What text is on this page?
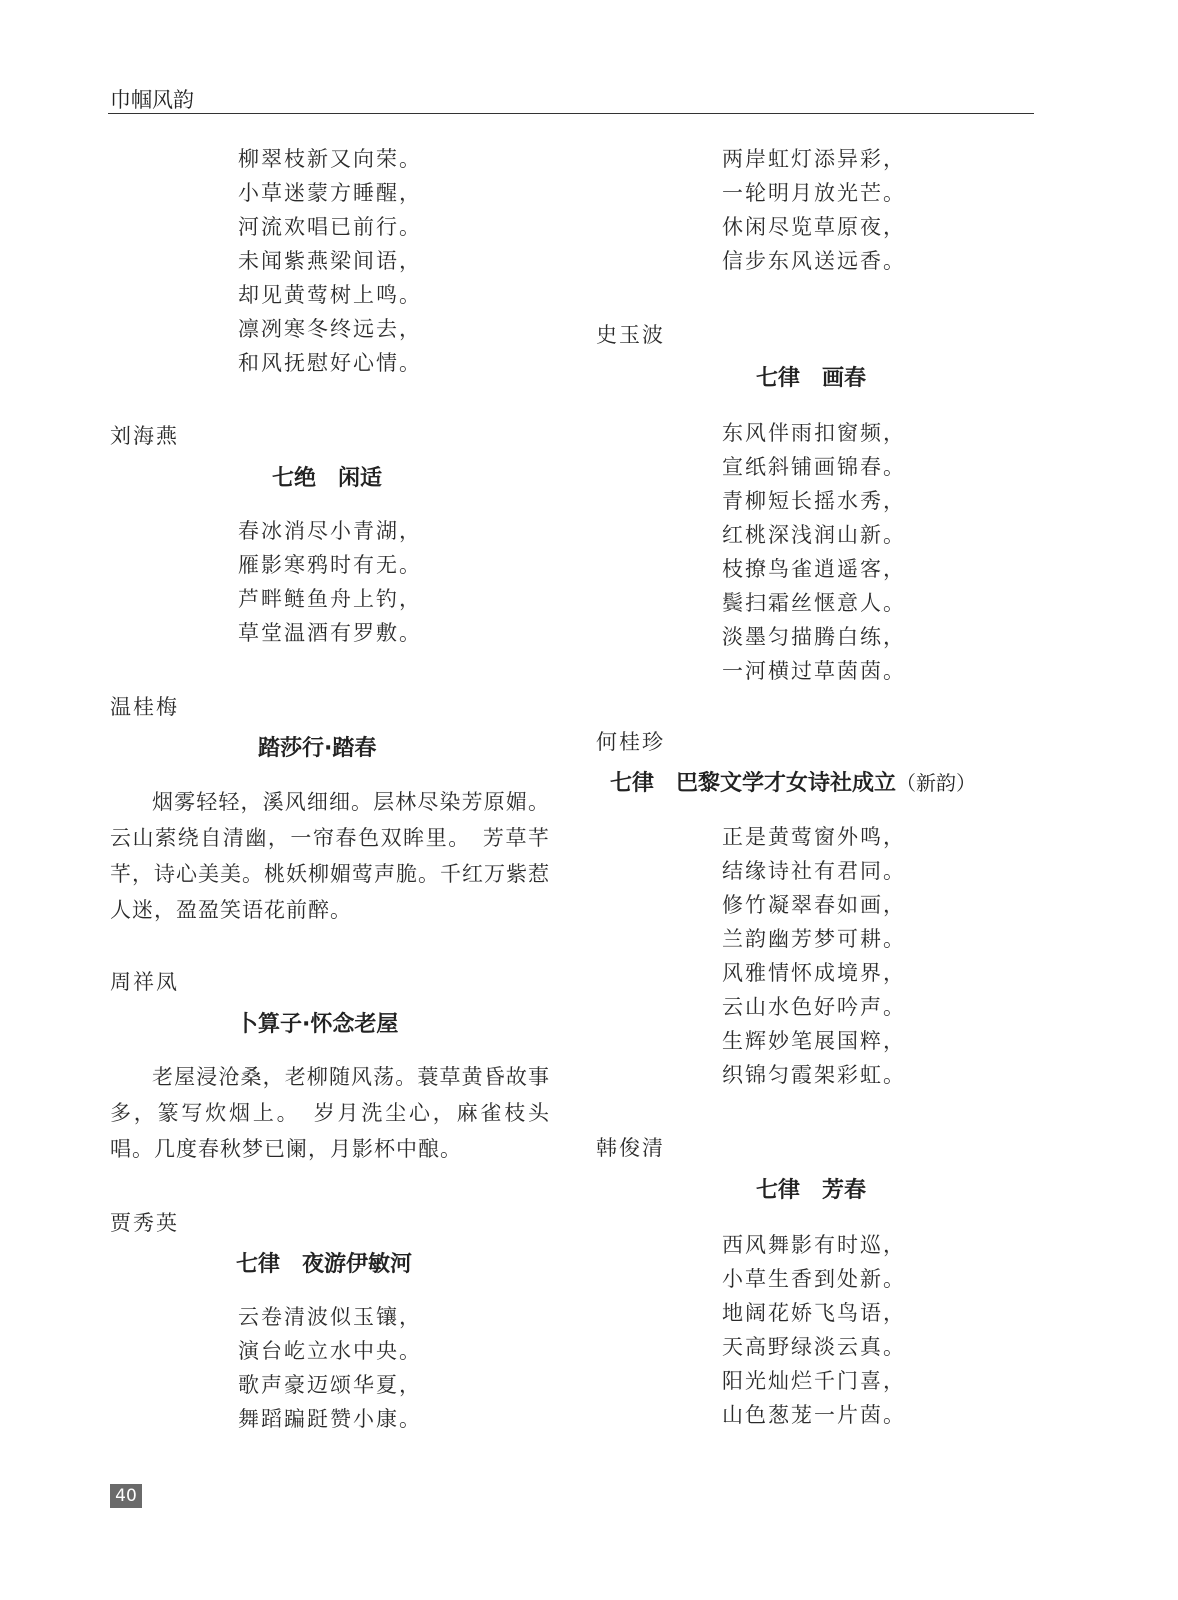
巾帼风韵
柳翠枝新又向荣。
小草迷蒙方睡醒，
河流欢唱已前行。
未闻紫燕梁间语，
却见黄莺树上鸣。
凛冽寒冬终远去，
和风抚慰好心情。
刘海燕
七绝　闲适
春冰消尽小青湖，
雁影寒鸦时有无。
芦畔鲢鱼舟上钓，
草堂温酒有罗敷。
温桂梅
踏莎行·踏春
烟雾轻轻，溪风细细。层林尽染芳原媚。云山萦绕自清幽，一帘春色双眸里。　芳草芊芊，诗心美美。桃妖柳媚莺声脆。千红万紫惹人迷，盈盈笑语花前醉。
周祥凤
卜算子·怀念老屋
老屋浸沧桑，老柳随风荡。蓑草黄昏故事多，篆写炊烟上。　岁月洗尘心，麻雀枝头唱。几度春秋梦已阑，月影杯中酿。
贾秀英
七律　夜游伊敏河
云卷清波似玉镶，
演台屹立水中央。
歌声豪迈颂华夏，
舞蹈蹁跹赞小康。
两岸虹灯添异彩，
一轮明月放光芒。
休闲尽览草原夜，
信步东风送远香。
史玉波
七律　画春
东风伴雨扣窗频，
宣纸斜铺画锦春。
青柳短长摇水秀，
红桃深浅润山新。
枝撩鸟雀逍遥客，
鬓扫霜丝惬意人。
淡墨匀描腾白练，
一河横过草茵茵。
何桂珍
七律　巴黎文学才女诗社成立（新韵）
正是黄莺窗外鸣，
结缘诗社有君同。
修竹凝翠春如画，
兰韵幽芳梦可耕。
风雅情怀成境界，
云山水色好吟声。
生辉妙笔展国粹，
织锦匀霞架彩虹。
韩俊清
七律　芳春
西风舞影有时巡，
小草生香到处新。
地阔花娇飞鸟语，
天高野绿淡云真。
阳光灿烂千门喜，
山色葱茏一片茵。
40
